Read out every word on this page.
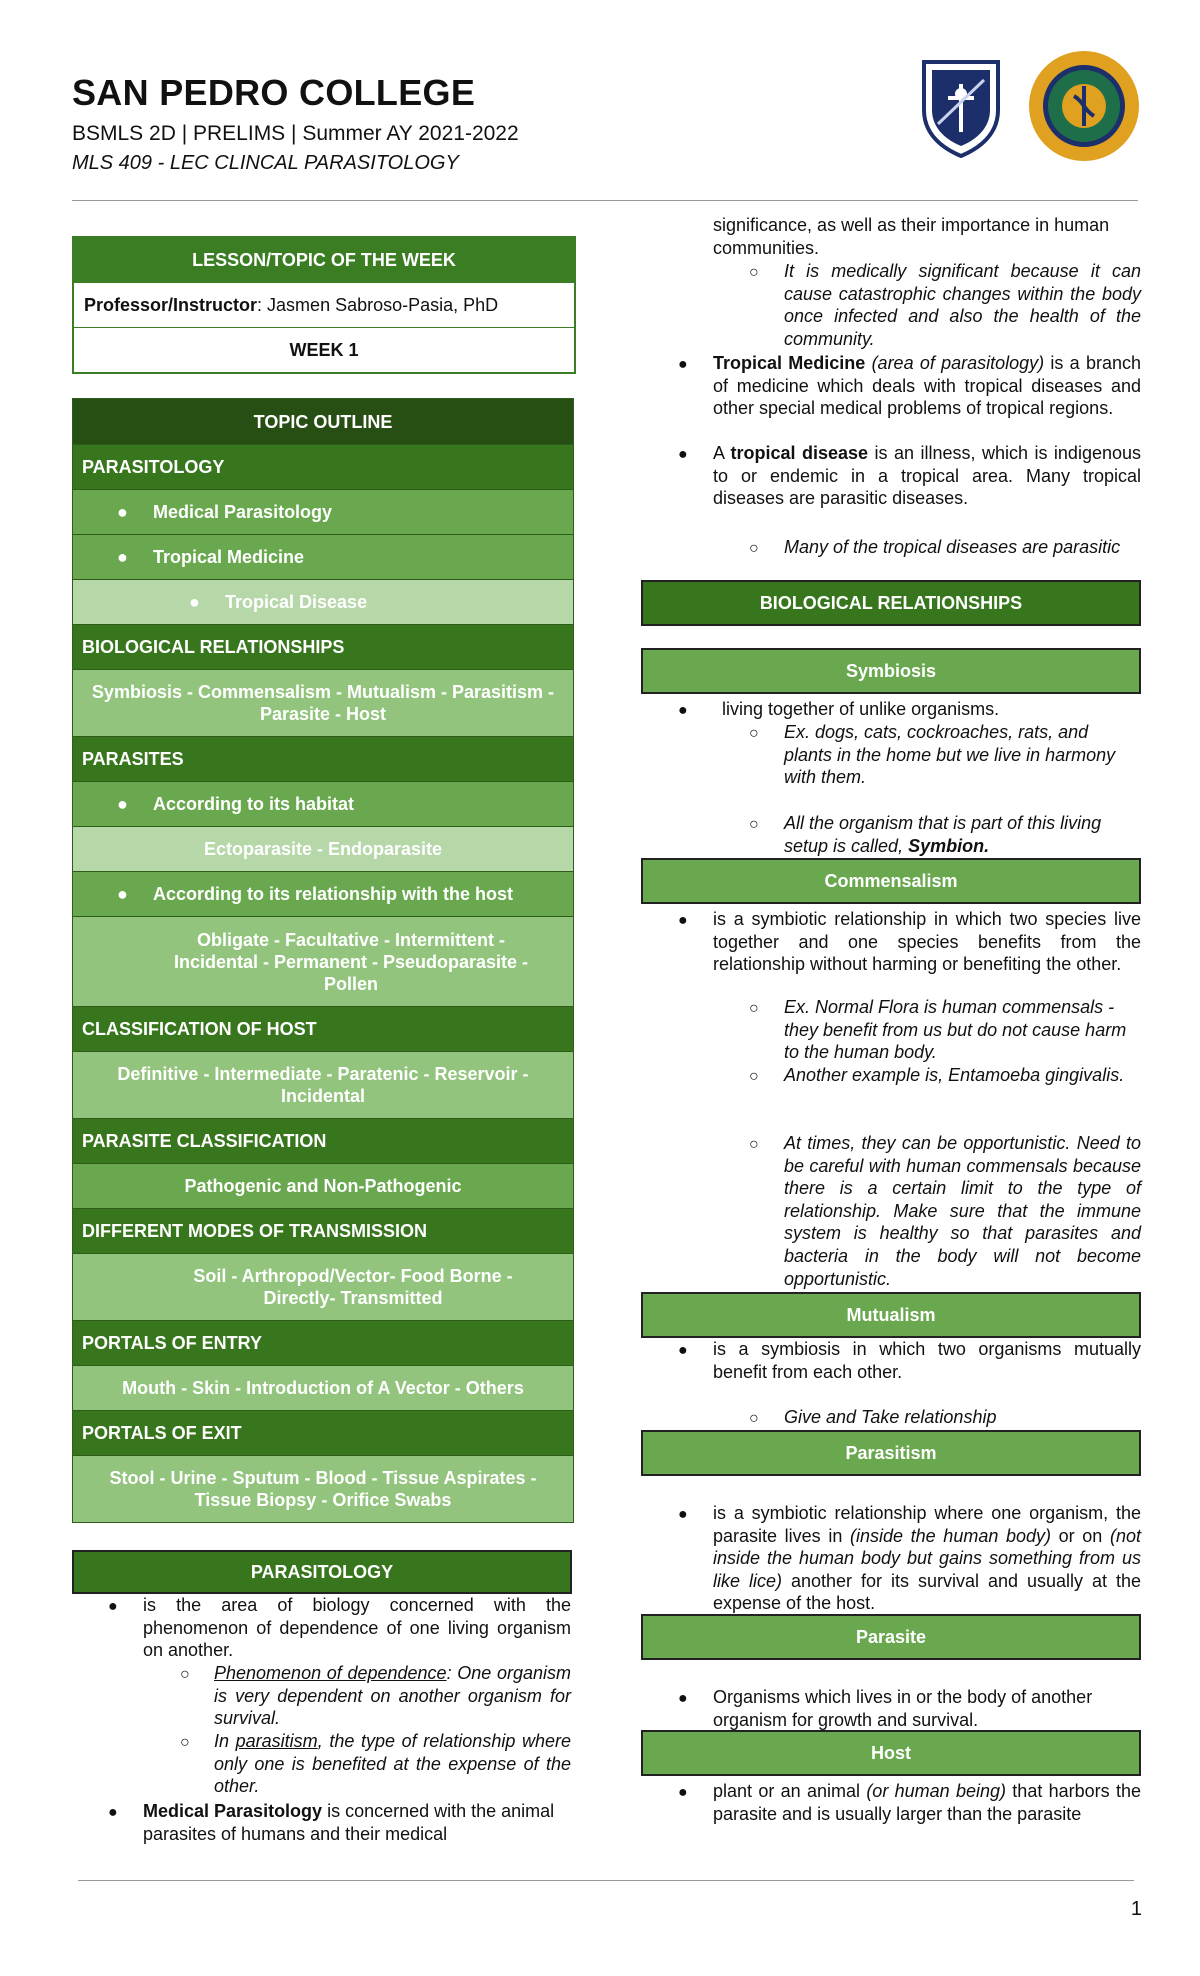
SAN PEDRO COLLEGE
BSMLS 2D | PRELIMS | Summer AY 2021-2022
MLS 409 - LEC CLINCAL PARASITOLOGY
LESSON/TOPIC OF THE WEEK
Professor/Instructor : Jasmen Sabroso-Pasia, PhD
WEEK 1
TOPIC OUTLINE
PARASITOLOGY
●	Medical Parasitology
●	Tropical Medicine
●	Tropical Disease
BIOLOGICAL RELATIONSHIPS
Symbiosis - Commensalism - Mutualism - Parasitism - Parasite - Host
PARASITES
●	According to its habitat
Ectoparasite - Endoparasite
●	According to its relationship with the host
Obligate - Facultative - Intermittent - Incidental - Permanent - Pseudoparasite - Pollen
CLASSIFICATION OF HOST
Definitive - Intermediate - Paratenic - Reservoir - Incidental
PARASITE CLASSIFICATION
Pathogenic and Non-Pathogenic
DIFFERENT MODES OF TRANSMISSION
Soil - Arthropod/Vector- Food Borne - Directly- Transmitted
PORTALS OF ENTRY
Mouth - Skin - Introduction of A Vector - Others
PORTALS OF EXIT
Stool - Urine - Sputum - Blood - Tissue Aspirates - Tissue Biopsy - Orifice Swabs
PARASITOLOGY
● is the area of biology concerned with the phenomenon of dependence of one living organism on another.
○ Phenomenon of dependence: One organism is very dependent on another organism for survival.
○ In parasitism, the type of relationship where only one is benefited at the expense of the other.
● Medical Parasitology is concerned with the animal parasites of humans and their medical
significance, as well as their importance in human communities.
○ It is medically significant because it can cause catastrophic changes within the body once infected and also the health of the community.
● Tropical Medicine (area of parasitology) is a branch of medicine which deals with tropical diseases and other special medical problems of tropical regions.
● A tropical disease is an illness, which is indigenous to or endemic in a tropical area. Many tropical diseases are parasitic diseases.
○ Many of the tropical diseases are parasitic
BIOLOGICAL RELATIONSHIPS
Symbiosis
● living together of unlike organisms.
○ Ex. dogs, cats, cockroaches, rats, and plants in the home but we live in harmony with them.
○ All the organism that is part of this living setup is called, Symbion.
Commensalism
● is a symbiotic relationship in which two species live together and one species benefits from the relationship without harming or benefiting the other.
○ Ex. Normal Flora is human commensals - they benefit from us but do not cause harm to the human body.
○ Another example is, Entamoeba gingivalis.
○ At times, they can be opportunistic. Need to be careful with human commensals because there is a certain limit to the type of relationship. Make sure that the immune system is healthy so that parasites and bacteria in the body will not become opportunistic.
Mutualism
● is a symbiosis in which two organisms mutually benefit from each other.
○ Give and Take relationship
Parasitism
● is a symbiotic relationship where one organism, the parasite lives in (inside the human body) or on (not inside the human body but gains something from us like lice) another for its survival and usually at the expense of the host.
Parasite
● Organisms which lives in or the body of another organism for growth and survival.
Host
● plant or an animal (or human being) that harbors the parasite and is usually larger than the parasite
1
